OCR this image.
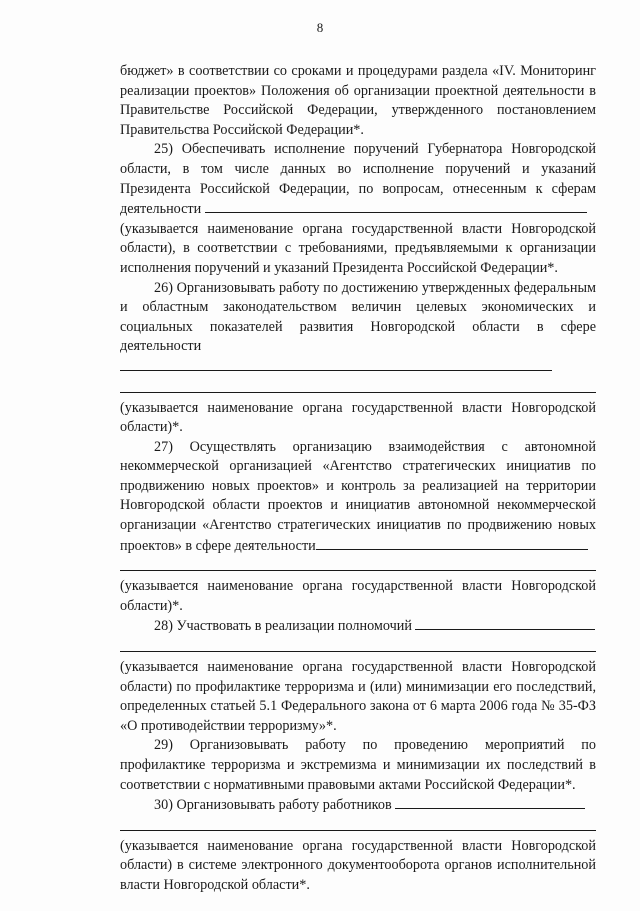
8

бюджет» в соответствии со сроками и процедурами раздела «IV. Мониторинг реализации проектов» Положения об организации проектной деятельности в Правительстве Российской Федерации, утвержденного постановлением Правительства Российской Федерации*.

25) Обеспечивать исполнение поручений Губернатора Новгородской области, в том числе данных во исполнение поручений и указаний Президента Российской Федерации, по вопросам, отнесенным к сферам деятельности

(указывается наименование органа государственной власти Новгородской области), в соответствии с требованиями, предъявляемыми к организации исполнения поручений и указаний Президента Российской Федерации*.

26) Организовывать работу по достижению утвержденных федеральным и областным законодательством величин целевых экономических и социальных показателей развития Новгородской области в сфере деятельности

(указывается наименование органа государственной власти Новгородской области)*.

27) Осуществлять организацию взаимодействия с автономной некоммерческой организацией «Агентство стратегических инициатив по продвижению новых проектов» и контроль за реализацией на территории Новгородской области проектов и инициатив автономной некоммерческой организации «Агентство стратегических инициатив по продвижению новых проектов» в сфере деятельности

(указывается наименование органа государственной власти Новгородской области)*.

28) Участвовать в реализации полномочий

(указывается наименование органа государственной власти Новгородской области) по профилактике терроризма и (или) минимизации его последствий, определенных статьей 5.1 Федерального закона от 6 марта 2006 года № 35-ФЗ «О противодействии терроризму»*.

29) Организовывать работу по проведению мероприятий по профилактике терроризма и экстремизма и минимизации их последствий в соответствии с нормативными правовыми актами Российской Федерации*.

30) Организовывать работу работников

(указывается наименование органа государственной власти Новгородской области) в системе электронного документооборота органов исполнительной власти Новгородской области*.
